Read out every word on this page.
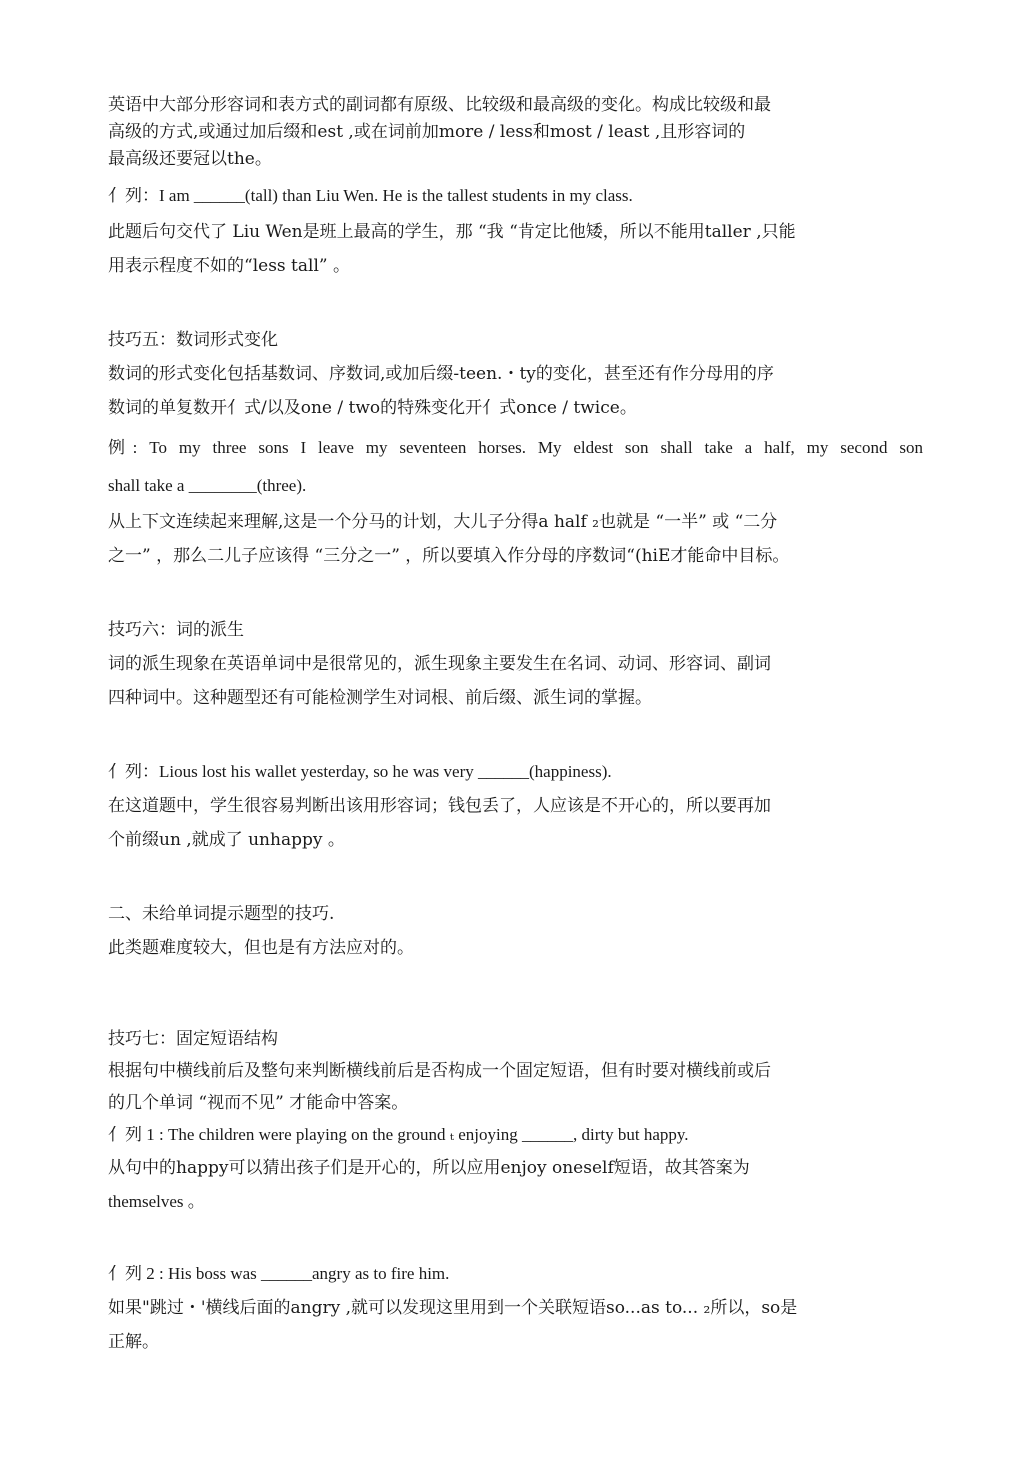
英语中大部分形容词和表方式的副词都有原级、比较级和最高级的变化。构成比较级和最

高级的方式,或通过加后缀和est ,或在词前加more / less和most / least ,且形容词的

最高级还要冠以the。

亻列：I am ______(tall) than Liu Wen. He is the tallest students in my class.

此题后句交代了 Liu Wen是班上最高的学生，那 “我 “肯定比他矮，所以不能用taller ,只能

用表示程度不如的“less tall” 。

技巧五：数词形式变化

数词的形式变化包括基数词、序数词,或加后缀-teen.・ty的变化，甚至还有作分母用的序

数词的单复数开亻式/以及one / two的特殊变化开亻式once / twice。

例: To my three sons I leave my seventeen horses. My eldest son shall take a half, my second son

shall take a ________(three).

从上下文连续起来理解,这是一个分马的计划，大儿子分得a half ₂也就是 “一半” 或 “二分

之一” ，那么二儿子应该得 “三分之一” ，所以要填入作分母的序数词“(hiE才能命中目标。

技巧六：词的派生

词的派生现象在英语单词中是很常见的，派生现象主要发生在名词、动词、形容词、副词

四种词中。这种题型还有可能检测学生对词根、前后缀、派生词的掌握。

亻列：Lious lost his wallet yesterday, so he was very ______(happiness).

在这道题中，学生很容易判断出该用形容词；钱包丢了，人应该是不开心的，所以要再加

个前缀un ,就成了 unhappy 。

二、未给单词提示题型的技巧.

此类题难度较大，但也是有方法应对的。

技巧七：固定短语结构

根据句中横线前后及整句来判断横线前后是否构成一个固定短语，但有时要对横线前或后

的几个单词 “视而不见” 才能命中答案。

亻列 1 : The children were playing on the ground ₜ enjoying ______, dirty but happy.

从句中的happy可以猜出孩子们是开心的，所以应用enjoy oneself短语，故其答案为

themselves 。

亻列 2 : His boss was ______angry as to fire him.

如果"跳过・'横线后面的angry ,就可以发现这里用到一个关联短语so...as to... ₂所以，so是

正解。
